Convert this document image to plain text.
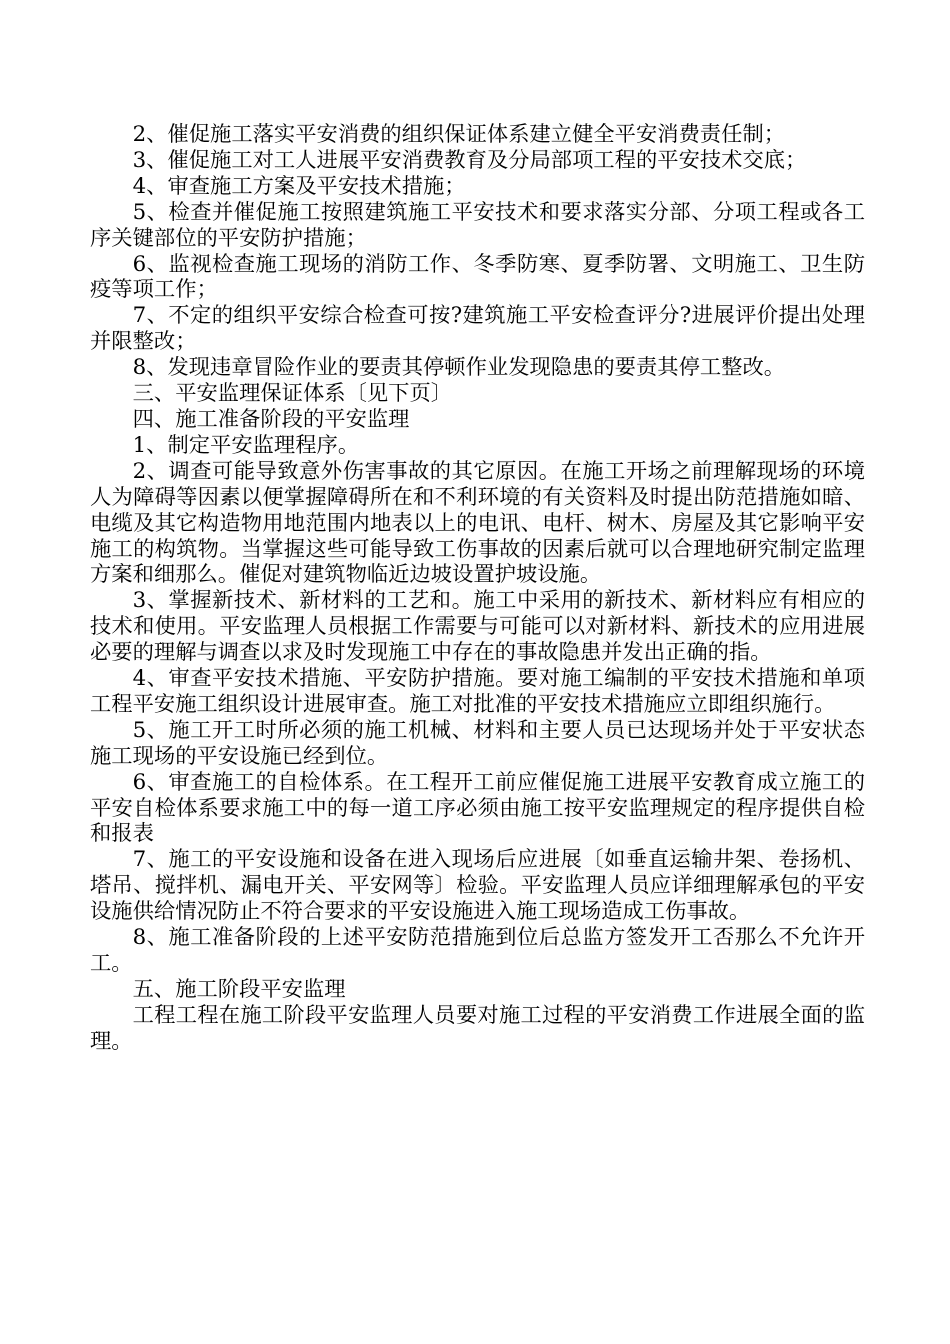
2、催促施工落实平安消费的组织保证体系建立健全平安消费责任制；

3、催促施工对工人进展平安消费教育及分局部项工程的平安技术交底；

4、审查施工方案及平安技术措施；

5、检查并催促施工按照建筑施工平安技术和要求落实分部、分项工程或各工序关键部位的平安防护措施；

6、监视检查施工现场的消防工作、冬季防寒、夏季防署、文明施工、卫生防疫等项工作；

7、不定的组织平安综合检查可按?建筑施工平安检查评分?进展评价提出处理并限整改；

8、发现违章冒险作业的要责其停顿作业发现隐患的要责其停工整改。

三、平安监理保证体系〔见下页〕

四、施工准备阶段的平安监理

1、制定平安监理程序。

2、调查可能导致意外伤害事故的其它原因。在施工开场之前理解现场的环境人为障碍等因素以便掌握障碍所在和不利环境的有关资料及时提出防范措施如暗、电缆及其它构造物用地范围内地表以上的电讯、电杆、树木、房屋及其它影响平安施工的构筑物。当掌握这些可能导致工伤事故的因素后就可以合理地研究制定监理方案和细那么。催促对建筑物临近边坡设置护坡设施。

3、掌握新技术、新材料的工艺和。施工中采用的新技术、新材料应有相应的技术和使用。平安监理人员根据工作需要与可能可以对新材料、新技术的应用进展必要的理解与调查以求及时发现施工中存在的事故隐患并发出正确的指。

4、审查平安技术措施、平安防护措施。要对施工编制的平安技术措施和单项工程平安施工组织设计进展审查。施工对批准的平安技术措施应立即组织施行。

5、施工开工时所必须的施工机械、材料和主要人员已达现场并处于平安状态施工现场的平安设施已经到位。

6、审查施工的自检体系。在工程开工前应催促施工进展平安教育成立施工的平安自检体系要求施工中的每一道工序必须由施工按平安监理规定的程序提供自检和报表

7、施工的平安设施和设备在进入现场后应进展〔如垂直运输井架、卷扬机、塔吊、搅拌机、漏电开关、平安网等〕检验。平安监理人员应详细理解承包的平安设施供给情况防止不符合要求的平安设施进入施工现场造成工伤事故。

8、施工准备阶段的上述平安防范措施到位后总监方签发开工否那么不允许开工。

五、施工阶段平安监理

工程工程在施工阶段平安监理人员要对施工过程的平安消费工作进展全面的监理。
